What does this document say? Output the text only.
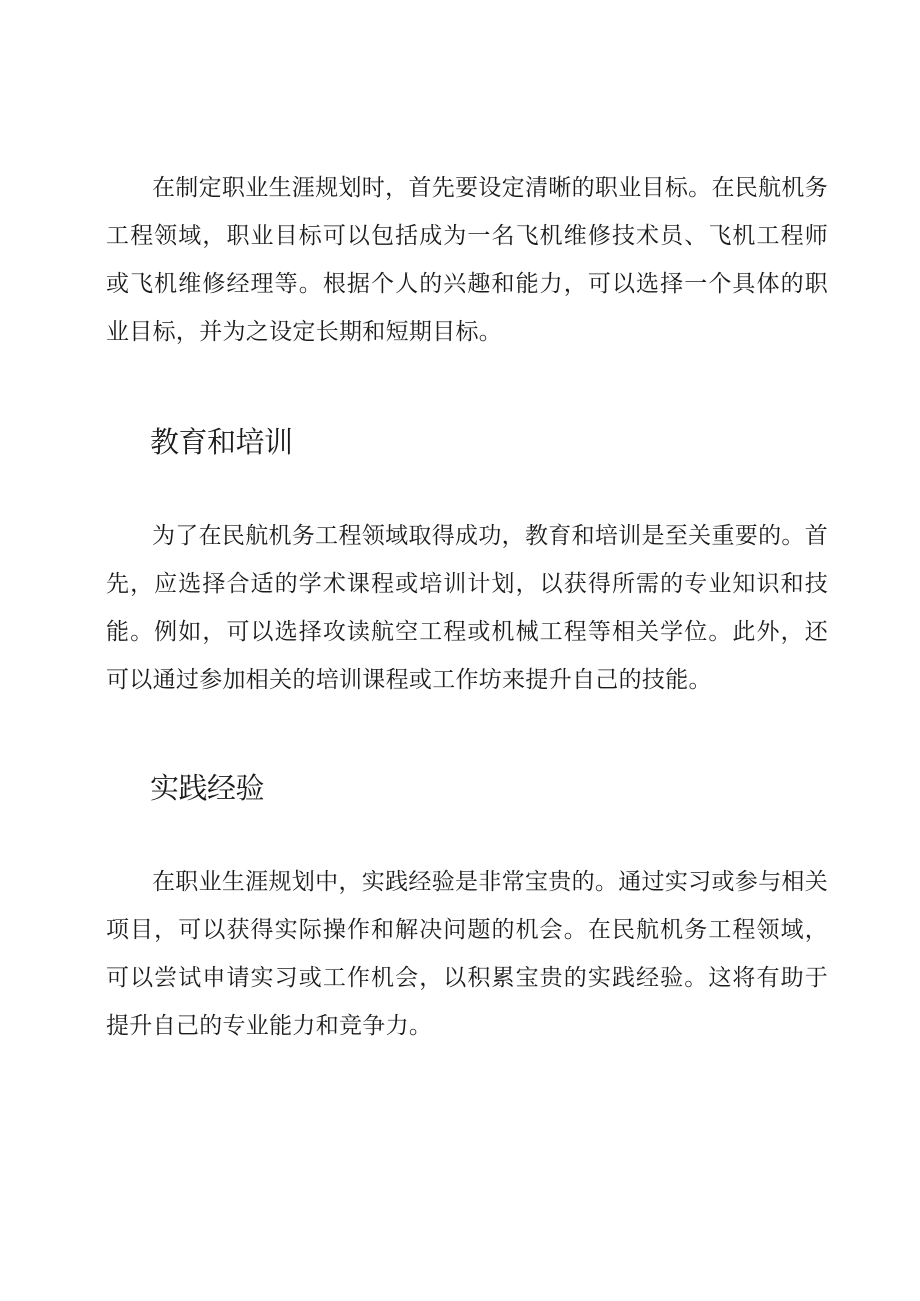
在制定职业生涯规划时，首先要设定清晰的职业目标。在民航机务工程领域，职业目标可以包括成为一名飞机维修技术员、飞机工程师或飞机维修经理等。根据个人的兴趣和能力，可以选择一个具体的职业目标，并为之设定长期和短期目标。

教育和培训

为了在民航机务工程领域取得成功，教育和培训是至关重要的。首先，应选择合适的学术课程或培训计划，以获得所需的专业知识和技能。例如，可以选择攻读航空工程或机械工程等相关学位。此外，还可以通过参加相关的培训课程或工作坊来提升自己的技能。

实践经验

在职业生涯规划中，实践经验是非常宝贵的。通过实习或参与相关项目，可以获得实际操作和解决问题的机会。在民航机务工程领域，可以尝试申请实习或工作机会，以积累宝贵的实践经验。这将有助于提升自己的专业能力和竞争力。
